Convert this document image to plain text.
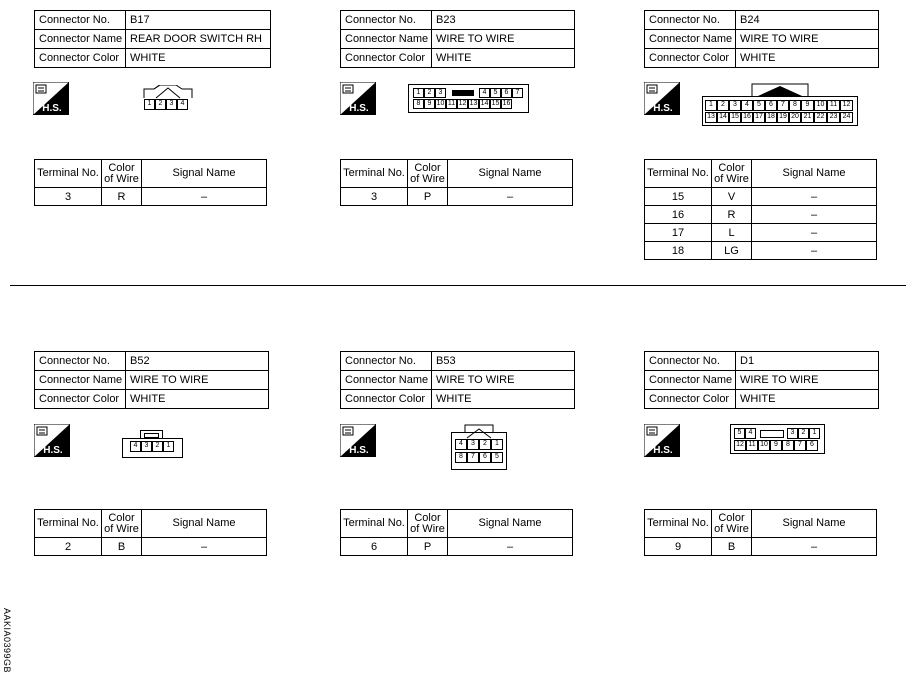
Connector No.	B17
Connector Name	REAR DOOR SWITCH RH
Connector Color	WHITE
H.S.	1	2	3	4
Terminal No.	Color of Wire	Signal Name
3	R	–
Connector No.	B23
Connector Name	WIRE TO WIRE
Connector Color	WHITE
H.S.
1	2	3	4	5	6	7
8	9 10 11 12 13 14 15 16
Terminal No.	Color of Wire	Signal Name
3	P	–
Connector No.	B24
Connector Name	WIRE TO WIRE
Connector Color	WHITE
H.S.	1	2	3	4	5	6	7	8	9	10 11 12
13 14 15 16 17 18 19 20 21 22 23 24
Terminal No.	Color of Wire	Signal Name
15	V	–
16	R	–
17	L	–
18	LG	–
Connector No.	B52
Connector Name	WIRE TO WIRE
Connector Color	WHITE
H.S.	4	3	2	1
Terminal No.	Color of Wire	Signal Name
2	B	–
Connector No.	B53
Connector Name	WIRE TO WIRE
Connector Color	WHITE
H.S.
4	3	2	1
8	7	6	5
Terminal No.	Color of Wire	Signal Name
6	P	–
Connector No.	D1
Connector Name	WIRE TO WIRE
Connector Color	WHITE
H.S.
5	4	3	2	1
12 11 10 9	8	7	6
Terminal No.	Color of Wire	Signal Name
9	B	–
AAKIA0399GB
